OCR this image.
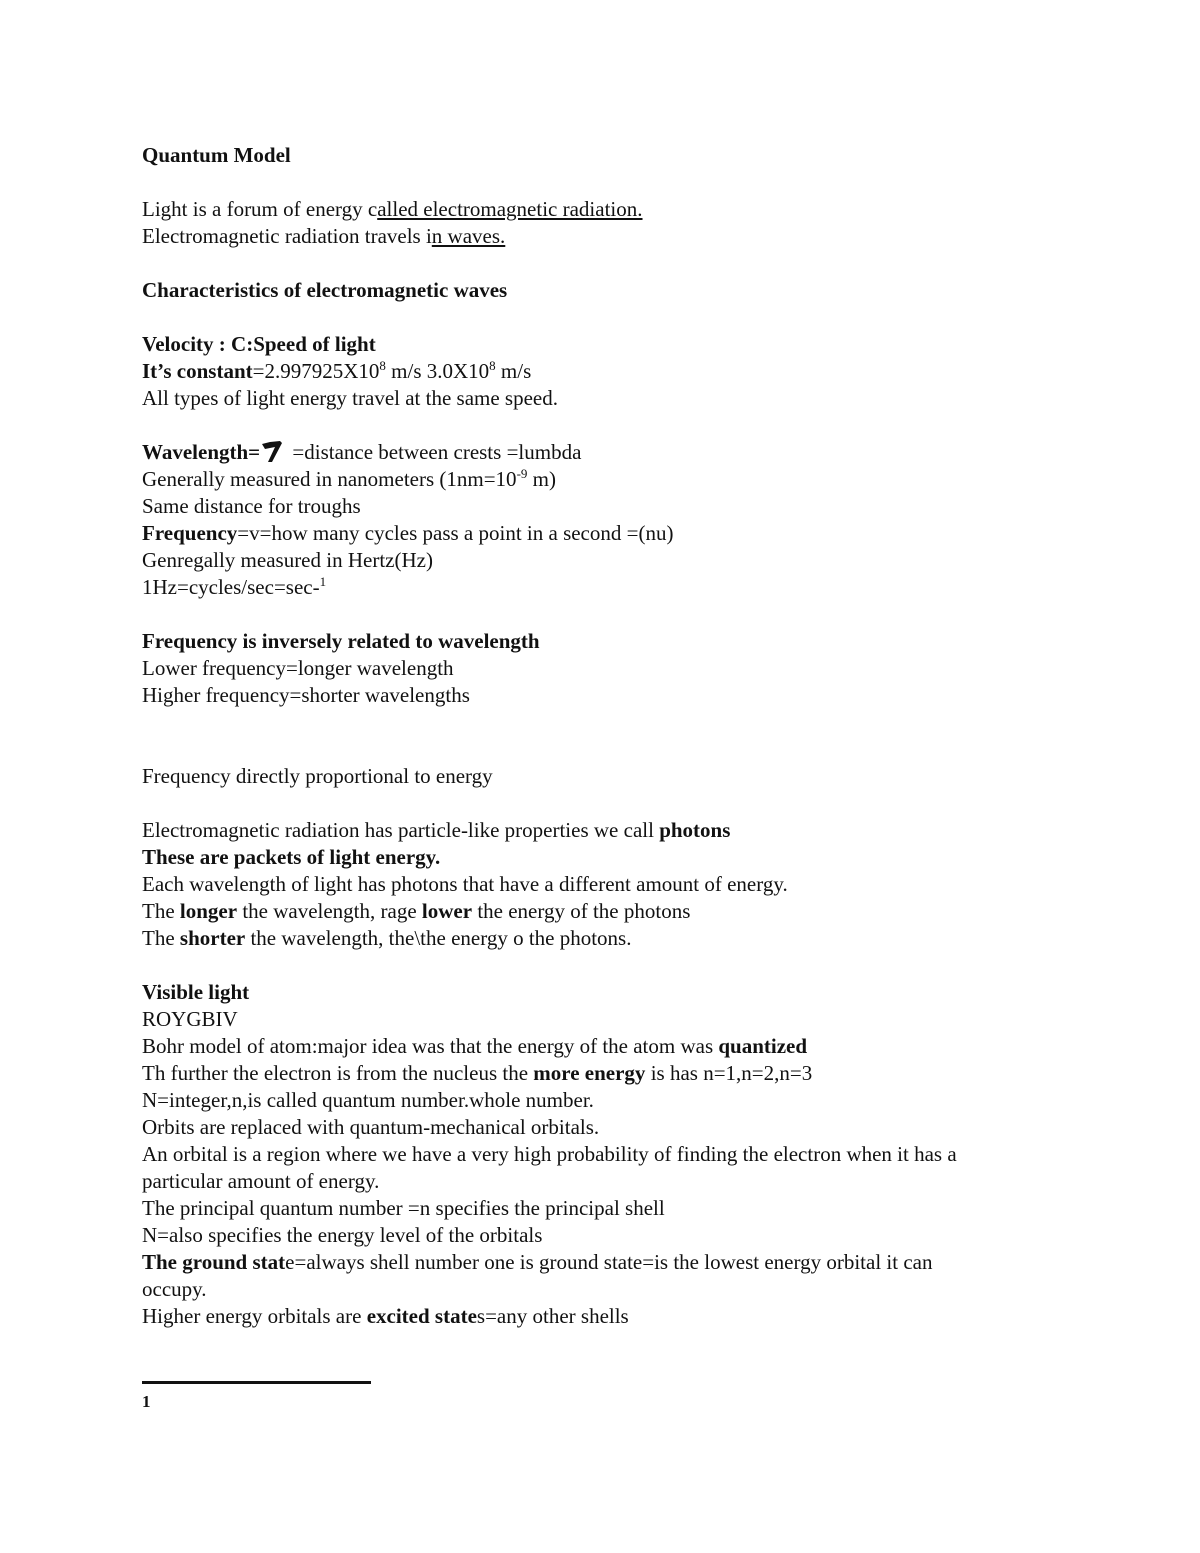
Quantum Model
Light is a forum of energy called electromagnetic radiation.
Electromagnetic radiation travels in waves.
Characteristics of electromagnetic waves
Velocity : C:Speed of light
It’s $constant=2.997925X10^8$ m/s $3.0X10^8$ m/s
All types of light energy travel at the same speed.
Wavelength= =distance between crests =lumbda
Generally measured in nanometers ($1nm=10^{-9}$ m)
Same distance for troughs
Frequency=v=how many cycles pass a point in a second =(nu)
Genregally measured in Hertz(Hz)
1Hz=cycles/sec=sec-$^1$
Frequency is inversely related to wavelength
Lower frequency=longer wavelength
Higher frequency=shorter wavelengths
Frequency directly proportional to energy
Electromagnetic radiation has particle-like properties we call photons
These are packets of light energy.
Each wavelength of light has photons that have a different amount of energy.
The longer the wavelength, rage lower the energy of the photons
The shorter the wavelength, the\the energy o the photons.
Visible light
ROYGBIV
Bohr model of atom:major idea was that the energy of the atom was quantized
Th further the electron is from the nucleus the more energy is has n=1,n=2,n=3
N=integer,n,is called quantum number.whole number.
Orbits are replaced with quantum-mechanical orbitals.
An orbital is a region where we have a very high probability of finding the electron when it has a
particular amount of energy.
The principal quantum number =n specifies the principal shell
N=also specifies the energy level of the orbitals
The ground state=always shell number one is ground state=is the lowest energy orbital it can
occupy.
Higher energy orbitals are excited states=any other shells
1
